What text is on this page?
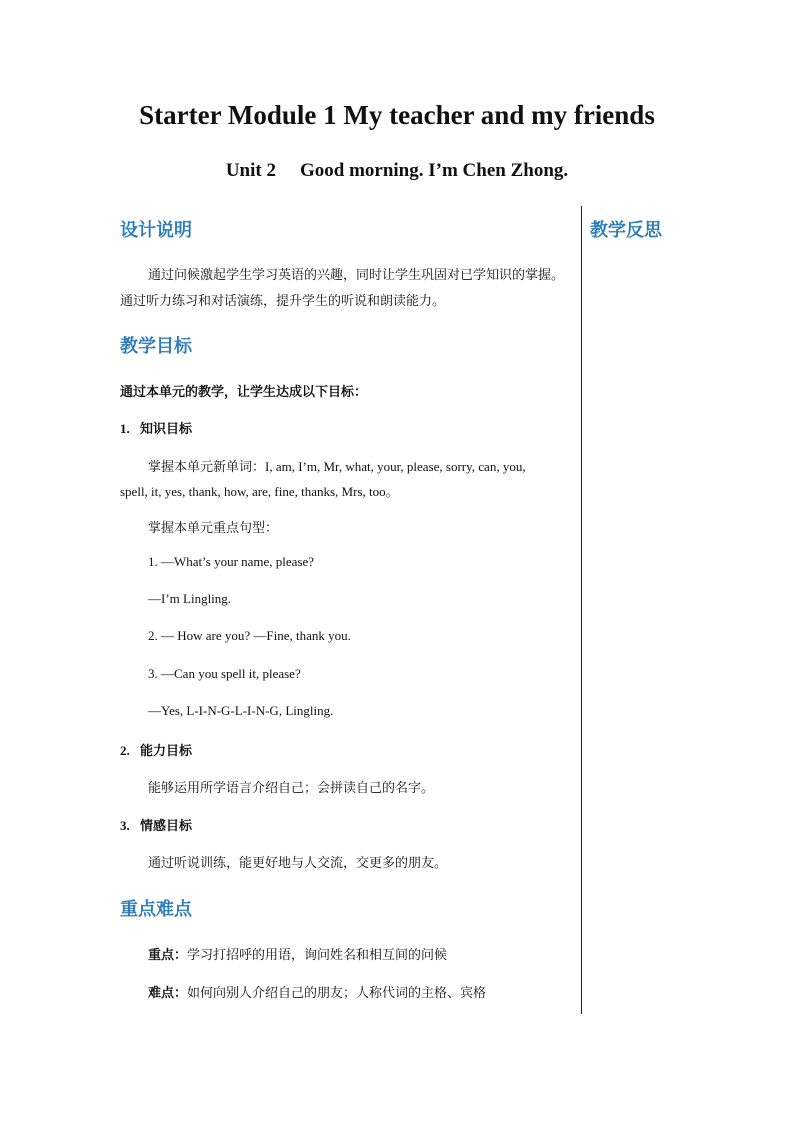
Starter Module 1 My teacher and my friends
Unit 2 Good morning. I’m Chen Zhong.
教学反思
设计说明

通过问候激起学生学习英语的兴趣，同时让学生巩固对已学知识的掌握。

通过听力练习和对话演练，提升学生的听说和朗读能力。

教学目标

通过本单元的教学，让学生达成以下目标：

1. 知识目标

掌握本单元新单词：I, am, I’m, Mr, what, your, please, sorry, can, you,

spell, it, yes, thank, how, are, fine, thanks, Mrs, too。

掌握本单元重点句型：

1. —What’s your name, please?

—I’m Lingling.

2. — How are you? —Fine, thank you.

3. —Can you spell it, please?

—Yes, L-I-N-G-L-I-N-G, Lingling.

2. 能力目标

能够运用所学语言介绍自己；会拼读自己的名字。

3. 情感目标

通过听说训练，能更好地与人交流，交更多的朋友。

重点难点

重点：学习打招呼的用语，询问姓名和相互间的问候

难点：如何向别人介绍自己的朋友；人称代词的主格、宾格
